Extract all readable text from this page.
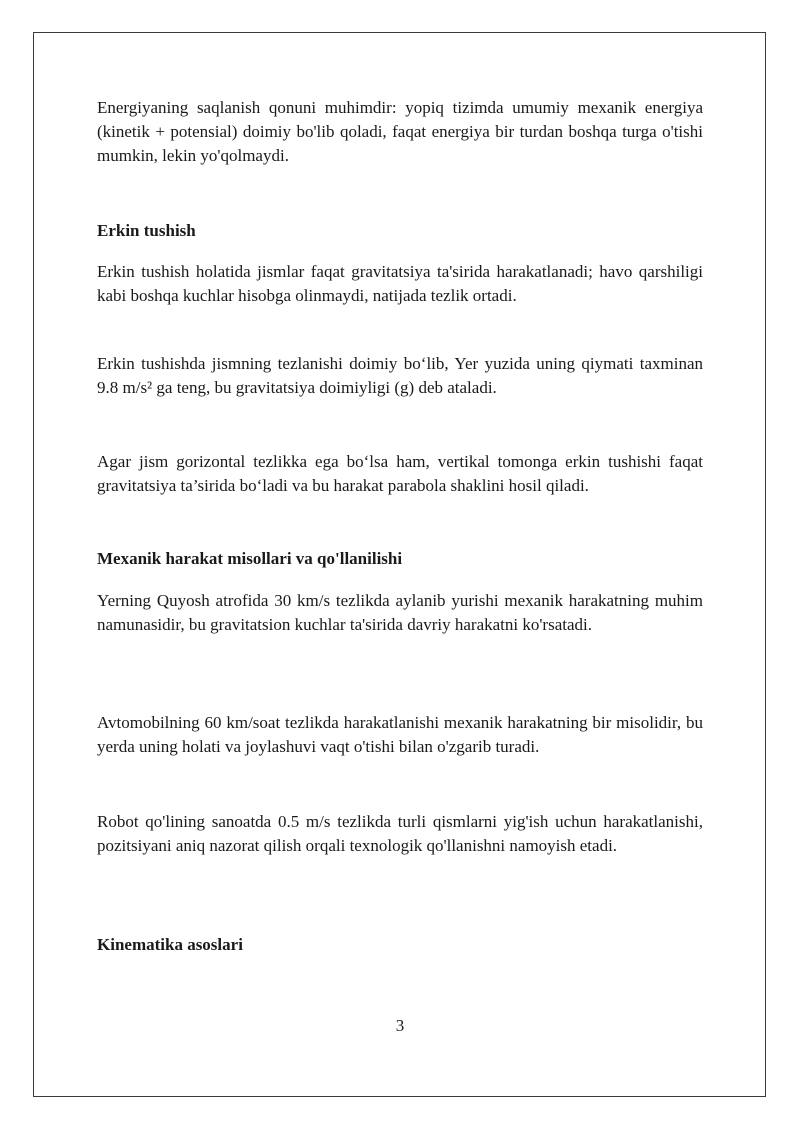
Energiyaning saqlanish qonuni muhimdir: yopiq tizimda umumiy mexanik energiya (kinetik + potensial) doimiy bo'lib qoladi, faqat energiya bir turdan boshqa turga o'tishi mumkin, lekin yo'qolmaydi.

Erkin tushish

Erkin tushish holatida jismlar faqat gravitatsiya ta'sirida harakatlanadi; havo qarshiligi kabi boshqa kuchlar hisobga olinmaydi, natijada tezlik ortadi.

Erkin tushishda jismning tezlanishi doimiy bo‘lib, Yer yuzida uning qiymati taxminan 9.8 m/s² ga teng, bu gravitatsiya doimiyligi (g) deb ataladi.

Agar jism gorizontal tezlikka ega bo‘lsa ham, vertikal tomonga erkin tushishi faqat gravitatsiya ta’sirida bo‘ladi va bu harakat parabola shaklini hosil qiladi.

Mexanik harakat misollari va qo'llanilishi

Yerning Quyosh atrofida 30 km/s tezlikda aylanib yurishi mexanik harakatning muhim namunasidir, bu gravitatsion kuchlar ta'sirida davriy harakatni ko'rsatadi.

Avtomobilning 60 km/soat tezlikda harakatlanishi mexanik harakatning bir misolidir, bu yerda uning holati va joylashuvi vaqt o'tishi bilan o'zgarib turadi.

Robot qo'lining sanoatda 0.5 m/s tezlikda turli qismlarni yig'ish uchun harakatlanishi, pozitsiyani aniq nazorat qilish orqali texnologik qo'llanishni namoyish etadi.

Kinematika asoslari

3
